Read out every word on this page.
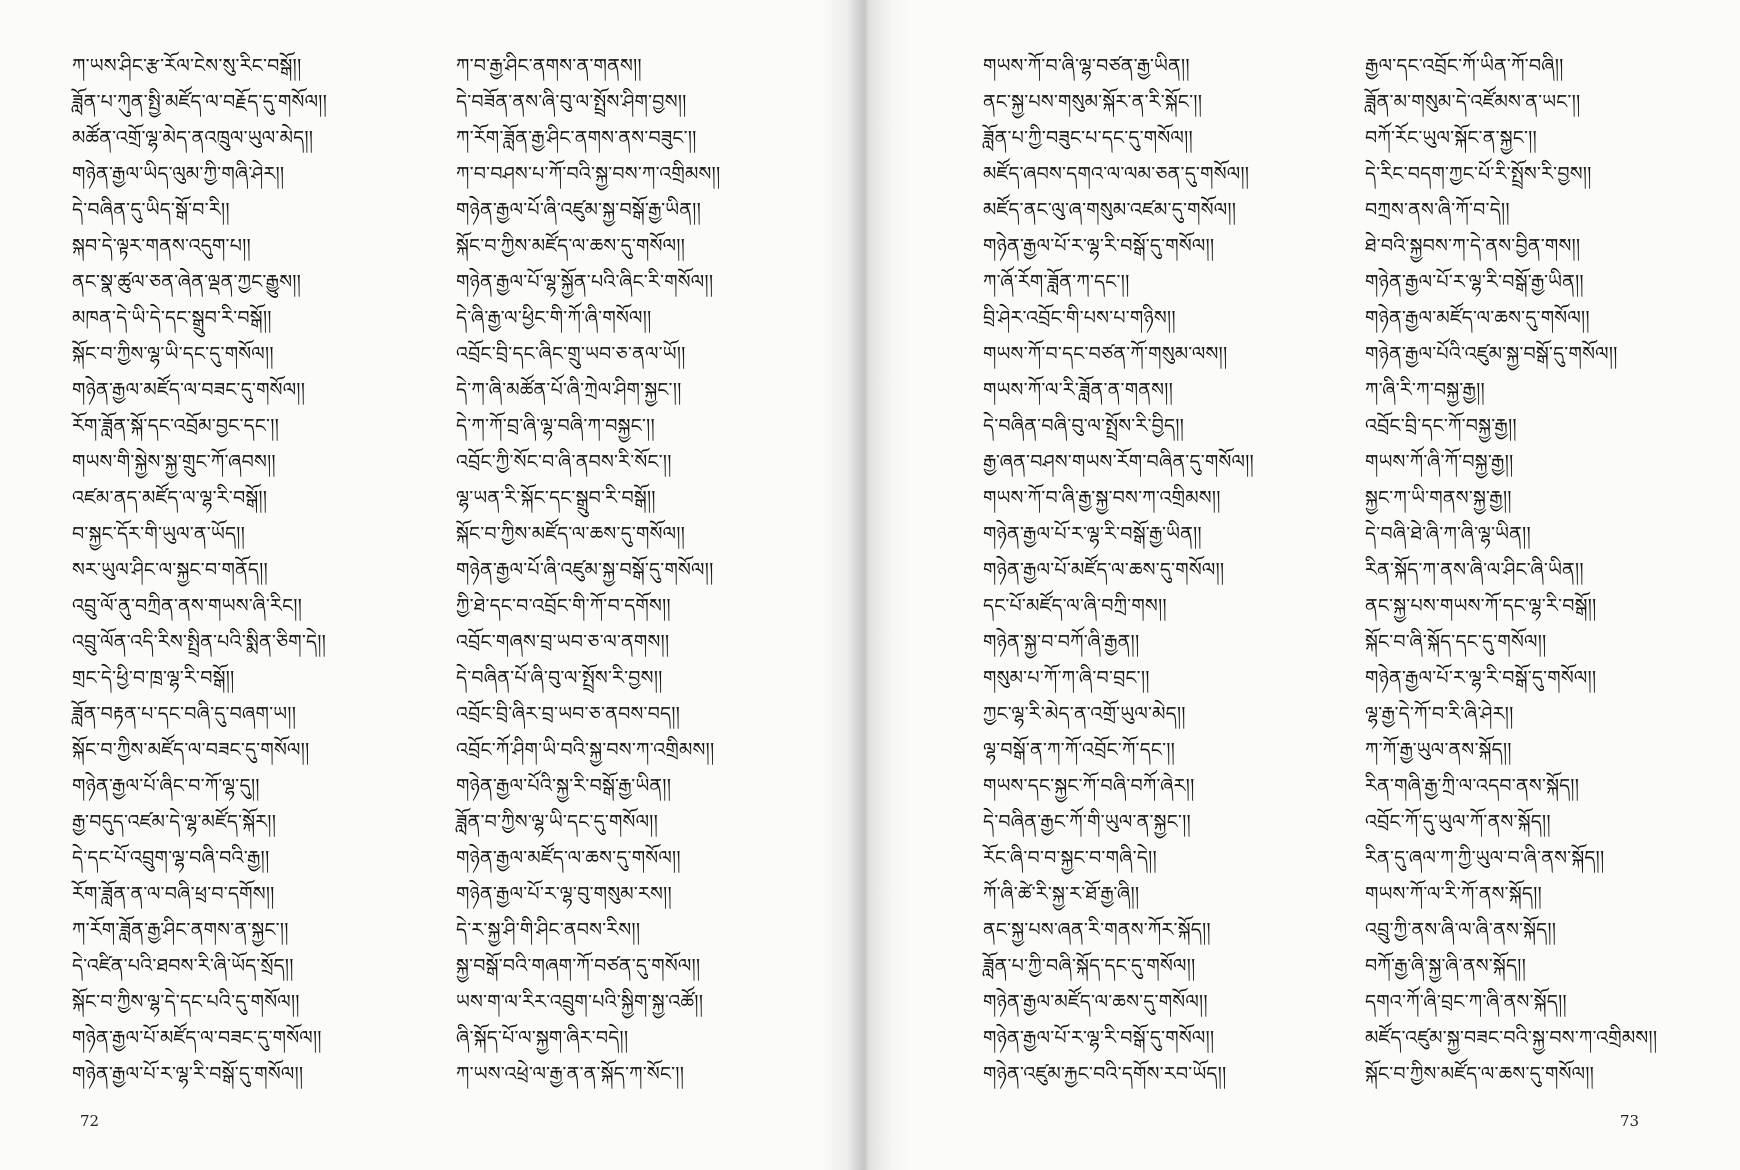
ཀ་ཡས་ཤིང་རྩ་རོལ་ངེས་སུ་རིང་བསྒོ།།
ཟློན་པ་ཀུན་སྤྱི་མཛོད་ལ་བརྗོད་དུ་གསོལ།།
མཚོན་འགྲོ་ལྷ་མེད་ནའཁྲུལ་ཡུལ་མེད།།
གཉེན་རྒྱལ་ཡིད་ལུམ་ཀྱི་གཞི་ཤེར།།
དེ་བཞིན་དུ་ཡིད་སྒོ་བ་རི།།
སྐབ་དེ་ལྟར་གནས་འདུག་པ།།
ནང་སྣ་ཚུལ་ཅན་ཞེན་ལྡན་ཀྱང་རྒྱུས།།
མཁན་དེ་ཡི་དེ་དང་སྒྲུབ་རི་བསྒོ།།
སྐོང་བ་ཀྱིས་ལྷ་ཡི་དང་དུ་གསོལ།།
གཉེན་རྒྱལ་མཛོད་ལ་བཟང་དུ་གསོལ།།
རོག་ཟློན་སྐོ་དང་འབྲོམ་བྱང་དང་།།
གཡས་གི་སྐྱེས་སྐྱ་གྲུང་ཀོ་ཞབས།།
འཛམ་ནད་མཛོད་ལ་ལྷ་རི་བསྒོ།།
བ་སྐྱང་དོར་གི་ཡུལ་ན་ཡོད།།
སར་ཡུལ་ཤིང་ལ་སྐྱང་བ་གནོད།།
འབྲུ་ལོ་ནུ་བཀྲིན་ནས་གཡས་ཞི་རིང།།
འབྲུ་ལོན་འདི་རིས་སྤྲིན་པའི་སྨིན་ཅིག་དེ།།
གྲང་དེ་ཕྱི་བ་ཁྲ་ལྷ་རི་བསྒོ།།
ཟློན་བརྟན་པ་དང་བཞི་དུ་བཞག་ཡ།།
སྐོང་བ་ཀྱིས་མཛོད་ལ་བཟང་དུ་གསོལ།།
གཉེན་རྒྱལ་པོ་ཞིང་བ་ཀོ་ལྷ་དུ།།
རྒྱ་བདུད་འཛམ་དེ་ལྷ་མཛོད་སྐོར།།
དེ་དང་པོ་འབྲུག་ལྷ་བཞི་བའི་རྒྱ།།
རོག་ཟློན་ན་ལ་བཞི་ཕྲ་བ་དགོས།།
ཀ་རོག་ཟློན་རྒྱ་ཤིང་ནགས་ན་སྐྱང་།།
དེ་འཛིན་པའི་ཐབས་རི་ཞི་ཡོད་སྲོད།།
སྐོང་བ་ཀྱིས་ལྷ་དེ་དང་པའི་དུ་གསོལ།།
གཉེན་རྒྱལ་པོ་མཛོད་ལ་བཟང་དུ་གསོལ།།
གཉེན་རྒྱལ་པོ་ར་ལྷ་རི་བསྒོ་དུ་གསོལ།།
ཀ་བ་རྒྱ་ཤིང་ནགས་ན་གནས།།
དེ་བཟོན་ནས་ཞི་བུ་ལ་སྤྲོས་ཤིག་བྱས།།
ཀ་རོག་ཟློན་རྒྱ་ཤིང་ནགས་ནས་བཟུང་།།
ཀ་བ་བཤས་པ་ཀོ་བའི་སྐྱ་བས་ཀ་འགྲིམས།།
གཉེན་རྒྱལ་པོ་ཞི་འཛུམ་སྐྱ་བསྒོ་རྒྱ་ཡིན།།
སྐོང་བ་ཀྱིས་མཛོད་ལ་ཆས་དུ་གསོལ།།
གཉེན་རྒྱལ་པོ་ལྷ་སྐྱོན་པའི་ཞིང་རི་གསོལ།།
དེ་ཞི་རྒྱ་ལ་ཕྱིང་གི་ཀོ་ཞི་གསོལ།།
འབྲོང་བྲི་དང་ཞིང་གྲུ་ཡབ་ཅ་ནལ་ཡོ།།
དེ་ཀ་ཞི་མཚོན་པོ་ཞི་ཀྲེལ་ཤིག་སྐྱང་།།
དེ་ཀ་ཀོ་བྲ་ཞི་ལྷ་བཞི་ཀ་བསྐྱང་།།
འབྲོང་ཀྱི་སོང་བ་ཞི་ནབས་རི་སོང་།།
ལྷ་ཡན་རི་སྐོང་དང་སྒྲུབ་རི་བསྒོ།།
སྐོང་བ་ཀྱིས་མཛོད་ལ་ཆས་དུ་གསོལ།།
གཉེན་རྒྱལ་པོ་ཞི་འཛུམ་སྐྱ་བསྒོ་དུ་གསོལ།།
ཀྱི་ཐེ་དང་བ་འབྲོང་གི་ཀོ་བ་དགོས།།
འབྲོང་གཞས་བྲ་ཡབ་ཅ་ལ་ནགས།།
དེ་བཞིན་པོ་ཞི་བུ་ལ་སྤྲོས་རི་བྱས།།
འབྲོང་བྲི་ཞིར་བྲ་ཡབ་ཅ་ནབས་བད།།
འབྲོང་ཀོ་ཤིག་ཡི་བའི་སྐྱ་བས་ཀ་འགྲིམས།།
གཉེན་རྒྱལ་པོའི་སྐྱ་རི་བསྒོ་རྒྱ་ཡིན།།
ཟློན་བ་ཀྱིས་ལྷ་ཡི་དང་དུ་གསོལ།།
གཉེན་རྒྱལ་མཛོད་ལ་ཆས་དུ་གསོལ།།
གཉེན་རྒྱལ་པོ་ར་ལྷ་བུ་གསུམ་རས།།
དེ་ར་སྐྱ་ཤི་གི་ཤིང་ནབས་རིས།།
སྐྱ་བསྒོ་བའི་གཞག་ཀོ་བཙན་དུ་གསོལ།།
ཡས་ག་ལ་རིར་འབྲུག་པའི་སྐྱིག་སྐྱ་འཚོ།།
ཞི་སྐོད་པོ་ལ་སྐྱག་ཞིར་བདེ།།
ཀ་ཡས་འཕྲེ་ལ་རྒྱ་ན་ན་སྐོད་ཀ་སོང་།།
72
གཡས་ཀོ་བ་ཞི་ལྷ་བཙན་རྒྱ་ཡིན།།
ནང་སྐྱ་པས་གསུམ་སྐོར་ན་རི་སྐོང་།།
ཟློན་པ་ཀྱི་བཟུང་པ་དང་དུ་གསོལ།།
མཛོད་ཞབས་དགའ་ལ་ལམ་ཅན་དུ་གསོལ།།
མཛོད་ནང་ལུ་ཞ་གསུམ་འཛམ་དུ་གསོལ།།
གཉེན་རྒྱལ་པོ་ར་ལྷ་རི་བསྒོ་དུ་གསོལ།།
ཀ་ཞོ་རོག་ཟློན་ཀ་དང་།།
བྲི་ཤེར་འབྲོང་གི་པས་པ་གཉིས།།
གཡས་ཀོ་བ་དང་བཙན་ཀོ་གསུམ་ལས།།
གཡས་ཀོ་ལ་རི་ཟློན་ན་གནས།།
དེ་བཞིན་བཞི་བུ་ལ་སྤྲོས་རི་བྱིད།།
རྒྱ་ཞན་བཤས་གཡས་རོག་བཞིན་དུ་གསོལ།།
གཡས་ཀོ་བ་ཞི་རྒྱ་སྐྱ་བས་ཀ་འགྲིམས།།
གཉེན་རྒྱལ་པོ་ར་ལྷ་རི་བསྒོ་རྒྱ་ཡིན།།
གཉེན་རྒྱལ་པོ་མཛོད་ལ་ཆས་དུ་གསོལ།།
དང་པོ་མཛོད་ལ་ཞི་བཀྲི་གས།།
གཉེན་སྐྱ་བ་བཀོ་ཞི་རྒྱན།།
གསུམ་པ་ཀོ་ཀ་ཞི་བ་བྲང་།།
ཀྱང་ལྷ་རི་མེད་ན་འགྲོ་ཡུལ་མེད།།
ལྷ་བསྒོ་ན་ཀ་ཀོ་འབྲོང་ཀོ་དང་།།
གཡས་དང་སྐྱང་ཀོ་བཞི་བཀོ་ཞེར།།
དེ་བཞིན་རྒྱང་ཀོ་གི་ཡུལ་ན་སྐྱང་།།
རོང་ཞི་བ་བ་སྐྱང་བ་གཞི་དེ།།
ཀོ་ཞི་ཚེ་རི་སྐྱ་ར་ཐོ་རྒྱ་ཞི།།
ནང་སྐྱ་པས་ཞན་རི་གནས་ཀོར་སྐོད།།
ཟློན་པ་ཀྱི་བཞི་སྐོད་དང་དུ་གསོལ།།
གཉེན་རྒྱལ་མཛོད་ལ་ཆས་དུ་གསོལ།།
གཉེན་རྒྱལ་པོ་ར་ལྷ་རི་བསྒོ་དུ་གསོལ།།
གཉེན་འཛུམ་རྐྱང་བའི་དགོས་རབ་ཡོད།།
རྒྱལ་དང་འབྲོང་ཀོ་ཡིན་ཀོ་བཞི།།
ཟློན་མ་གསུམ་དེ་འཛོམས་ན་ཡང་།།
བཀོ་རོང་ཡུལ་སྐོང་ན་སྐྱང་།།
དེ་རིང་བདག་ཀྱང་པོ་རི་སྤྲོས་རི་བྱས།།
བཀྲས་ནས་ཞི་ཀོ་བ་དེ།།
ཐེ་བའི་སྐྱབས་ཀ་དེ་ནས་བྱིན་གས།།
གཉེན་རྒྱལ་པོ་ར་ལྷ་རི་བསྒོ་རྒྱ་ཡིན།།
གཉེན་རྒྱལ་མཛོད་ལ་ཆས་དུ་གསོལ།།
གཉེན་རྒྱལ་པོའི་འཛུམ་སྐྱ་བསྒོ་དུ་གསོལ།།
ཀ་ཞི་རི་ཀ་བསྐྱ་རྒྱ།།
འབྲོང་བྲི་དང་ཀོ་བསྐྱ་རྒྱ།།
གཡས་ཀོ་ཞི་ཀོ་བསྐྱ་རྒྱ།།
སྐྱང་ཀ་ཡི་གནས་སྐྱ་རྒྱ།།
དེ་བཞི་ཐེ་ཞི་ཀ་ཞི་ལྷ་ཡིན།།
རིན་སྐོད་ཀ་ནས་ཞི་ལ་ཤིང་ཞི་ཡིན།།
ནང་སྐྱ་པས་གཡས་ཀོ་དང་ལྷ་རི་བསྒོ།།
སྐོང་བ་ཞི་སྐོད་དང་དུ་གསོལ།།
གཉེན་རྒྱལ་པོ་ར་ལྷ་རི་བསྒོ་དུ་གསོལ།།
ལྷ་རྒྱ་དེ་ཀོ་བ་རི་ཞི་ཤེར།།
ཀ་ཀོ་རྒྱ་ཡུལ་ནས་སྐོད།།
རིན་གཞི་རྒྱ་ཀྲི་ལ་འདབ་ནས་སྐོད།།
འབྲོང་ཀོ་དུ་ཡུལ་ཀོ་ནས་སྐོད།།
རིན་དུ་ཞལ་ཀ་ཀྱི་ཡུལ་བ་ཞི་ནས་སྐོད།།
གཡས་ཀོ་ལ་རི་ཀོ་ནས་སྐོད།།
འབྲུ་ཀྱི་ནས་ཞི་ལ་ཞི་ནས་སྐོད།།
བཀོ་རྒྱ་ཞི་སྐྱ་ཞི་ནས་སྐོད།།
དགའ་ཀོ་ཞི་བྲང་ཀ་ཞི་ནས་སྐོད།།
མཛོད་འཛུམ་སྐྱ་བཟང་བའི་སྐྱ་བས་ཀ་འགྲིམས།།
སྐོང་བ་ཀྱིས་མཛོད་ལ་ཆས་དུ་གསོལ།།
73
